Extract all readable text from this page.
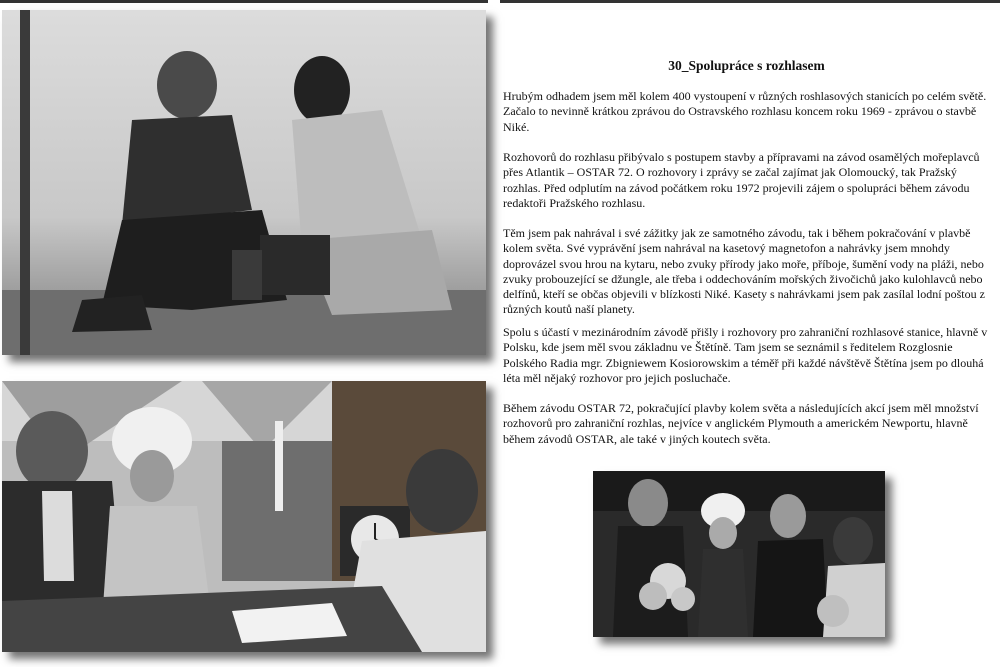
30_Spolupráce s rozhlasem

Hrubým odhadem jsem měl kolem 400 vystoupení v různých roshlasových stanicích po celém světě. Začalo to nevinně krátkou zprávou do Ostravského rozhlasu koncem roku 1969 - zprávou o stavbě Niké.

Rozhovorů do rozhlasu přibývalo s postupem stavby a přípravami na závod osamělých mořeplavců přes Atlantik – OSTAR 72. O rozhovory i zprávy se začal zajímat jak Olomoucký, tak Pražský rozhlas. Před odplutím na závod počátkem roku 1972 projevili zájem o spolupráci během závodu redaktoři Pražského rozhlasu.

Těm jsem pak nahrával i své zážitky jak ze samotného závodu, tak i během pokračování v plavbě kolem světa. Své vyprávění jsem nahrával na kasetový magnetofon a nahrávky jsem mnohdy doprovázel svou hrou na kytaru, nebo zvuky přírody jako moře, příboje, šumění vody na pláži, nebo zvuky probouzející se džungle, ale třeba i oddechováním mořských živočichů jako kulohlavců nebo delfínů, kteří se občas objevili v blízkosti Niké. Kasety s nahrávkami jsem pak zasílal lodní poštou z různých koutů naší planety.

Spolu s účastí v mezinárodním závodě přišly i rozhovory pro zahraniční rozhlasové stanice, hlavně v Polsku, kde jsem měl svou základnu ve Štětíně. Tam jsem se seznámil s ředitelem Rozglosnie Polského Radia mgr. Zbigniewem Kosiorowskim a téměř při každé návštěvě Štětína jsem po dlouhá léta měl nějaký rozhovor pro jejich posluchače.

Během závodu OSTAR 72, pokračující plavby kolem světa a následujících akcí jsem měl množství rozhovorů pro zahraniční rozhlas, nejvíce v anglickém Plymouth a americkém Newportu, hlavně během závodů OSTAR, ale také v jiných koutech světa.
